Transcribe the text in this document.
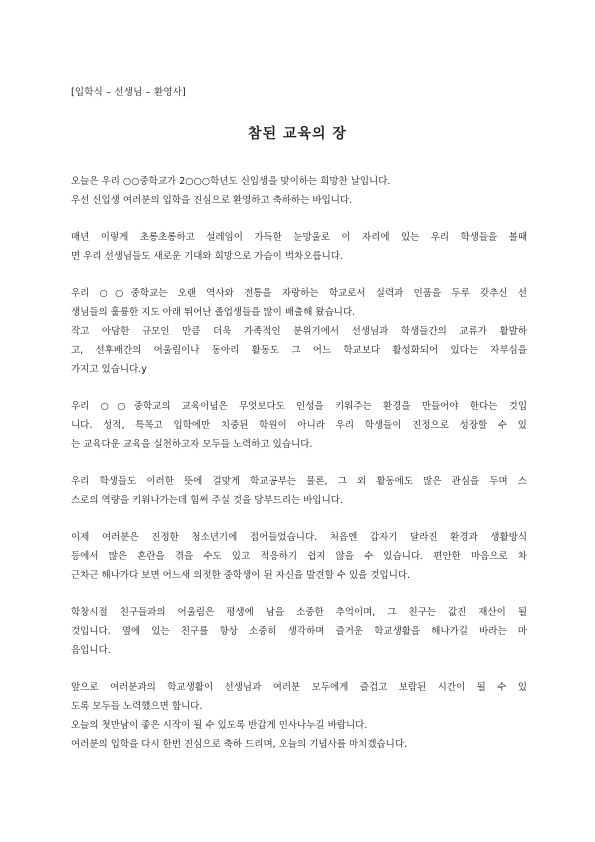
[입학식 – 선생님 – 환영사]
참된 교육의 장
오늘은 우리 ○○중학교가 2○○○학년도 신입생을 맞이하는 희망찬 날입니다.
우선 신입생 여러분의 입학을 진심으로 환영하고 축하하는 바입니다.
매년 이렇게 초롱초롱하고 설레임이 가득한 눈망울로 이 자리에 있는 우리 학생들을 볼때
면 우리 선생님들도 새로운 기대와 희망으로 가슴이 벅차오릅니다.
우리 ○○중학교는 오랜 역사와 전통을 자랑하는 학교로서 실력과 인품을 두루 갖추신 선
생님들의 훌륭한 지도 아래 뛰어난 졸업생들을 많이 배출해 왔습니다.
작고 아담한 규모인 만큼 더욱 가족적인 분위기에서 선생님과 학생들간의 교류가 활발하
고, 선후배간의 어울림이나 동아리 활동도 그 어느 학교보다 활성화되어 있다는 자부심을
가지고 있습니다.y
우리 ○○중학교의 교육이념은 무엇보다도 인성을 키워주는 환경을 만들어야 한다는 것입
니다. 성적, 특목고 입학에만 치중된 학원이 아니라 우리 학생들이 진정으로 성장할 수 있
는 교육다운 교육을 실천하고자 모두들 노력하고 있습니다.
우리 학생들도 이러한 뜻에 걸맞게 학교공부는 물론, 그 외 활동에도 많은 관심을 두며 스
스로의 역량을 키워나가는데 힘써 주실 것을 당부드리는 바입니다.
이제 여러분은 진정한 청소년기에 접어들었습니다. 처음엔 갑자기 달라진 환경과 생활방식
등에서 많은 혼란을 겪을 수도 있고 적응하기 쉽지 않을 수 있습니다. 편안한 마음으로 차
근차근 해나가다 보면 어느새 의젓한 중학생이 된 자신을 발견할 수 있을 것입니다.
학창시절 친구들과의 어울림은 평생에 남을 소중한 추억이며, 그 친구는 값진 재산이 될
것입니다. 옆에 있는 친구를 항상 소중히 생각하며 즐거운 학교생활을 해나가길 바라는 마
음입니다.
앞으로 여러분과의 학교생활이 선생님과 여러분 모두에게 즐겁고 보람된 시간이 될 수 있
도록 모두들 노력했으면 합니다.
오늘의 첫만남이 좋은 시작이 될 수 있도록 반갑게 인사나누길 바랍니다.
여러분의 입학을 다시 한번 진심으로 축하 드리며, 오늘의 기념사를 마치겠습니다.
